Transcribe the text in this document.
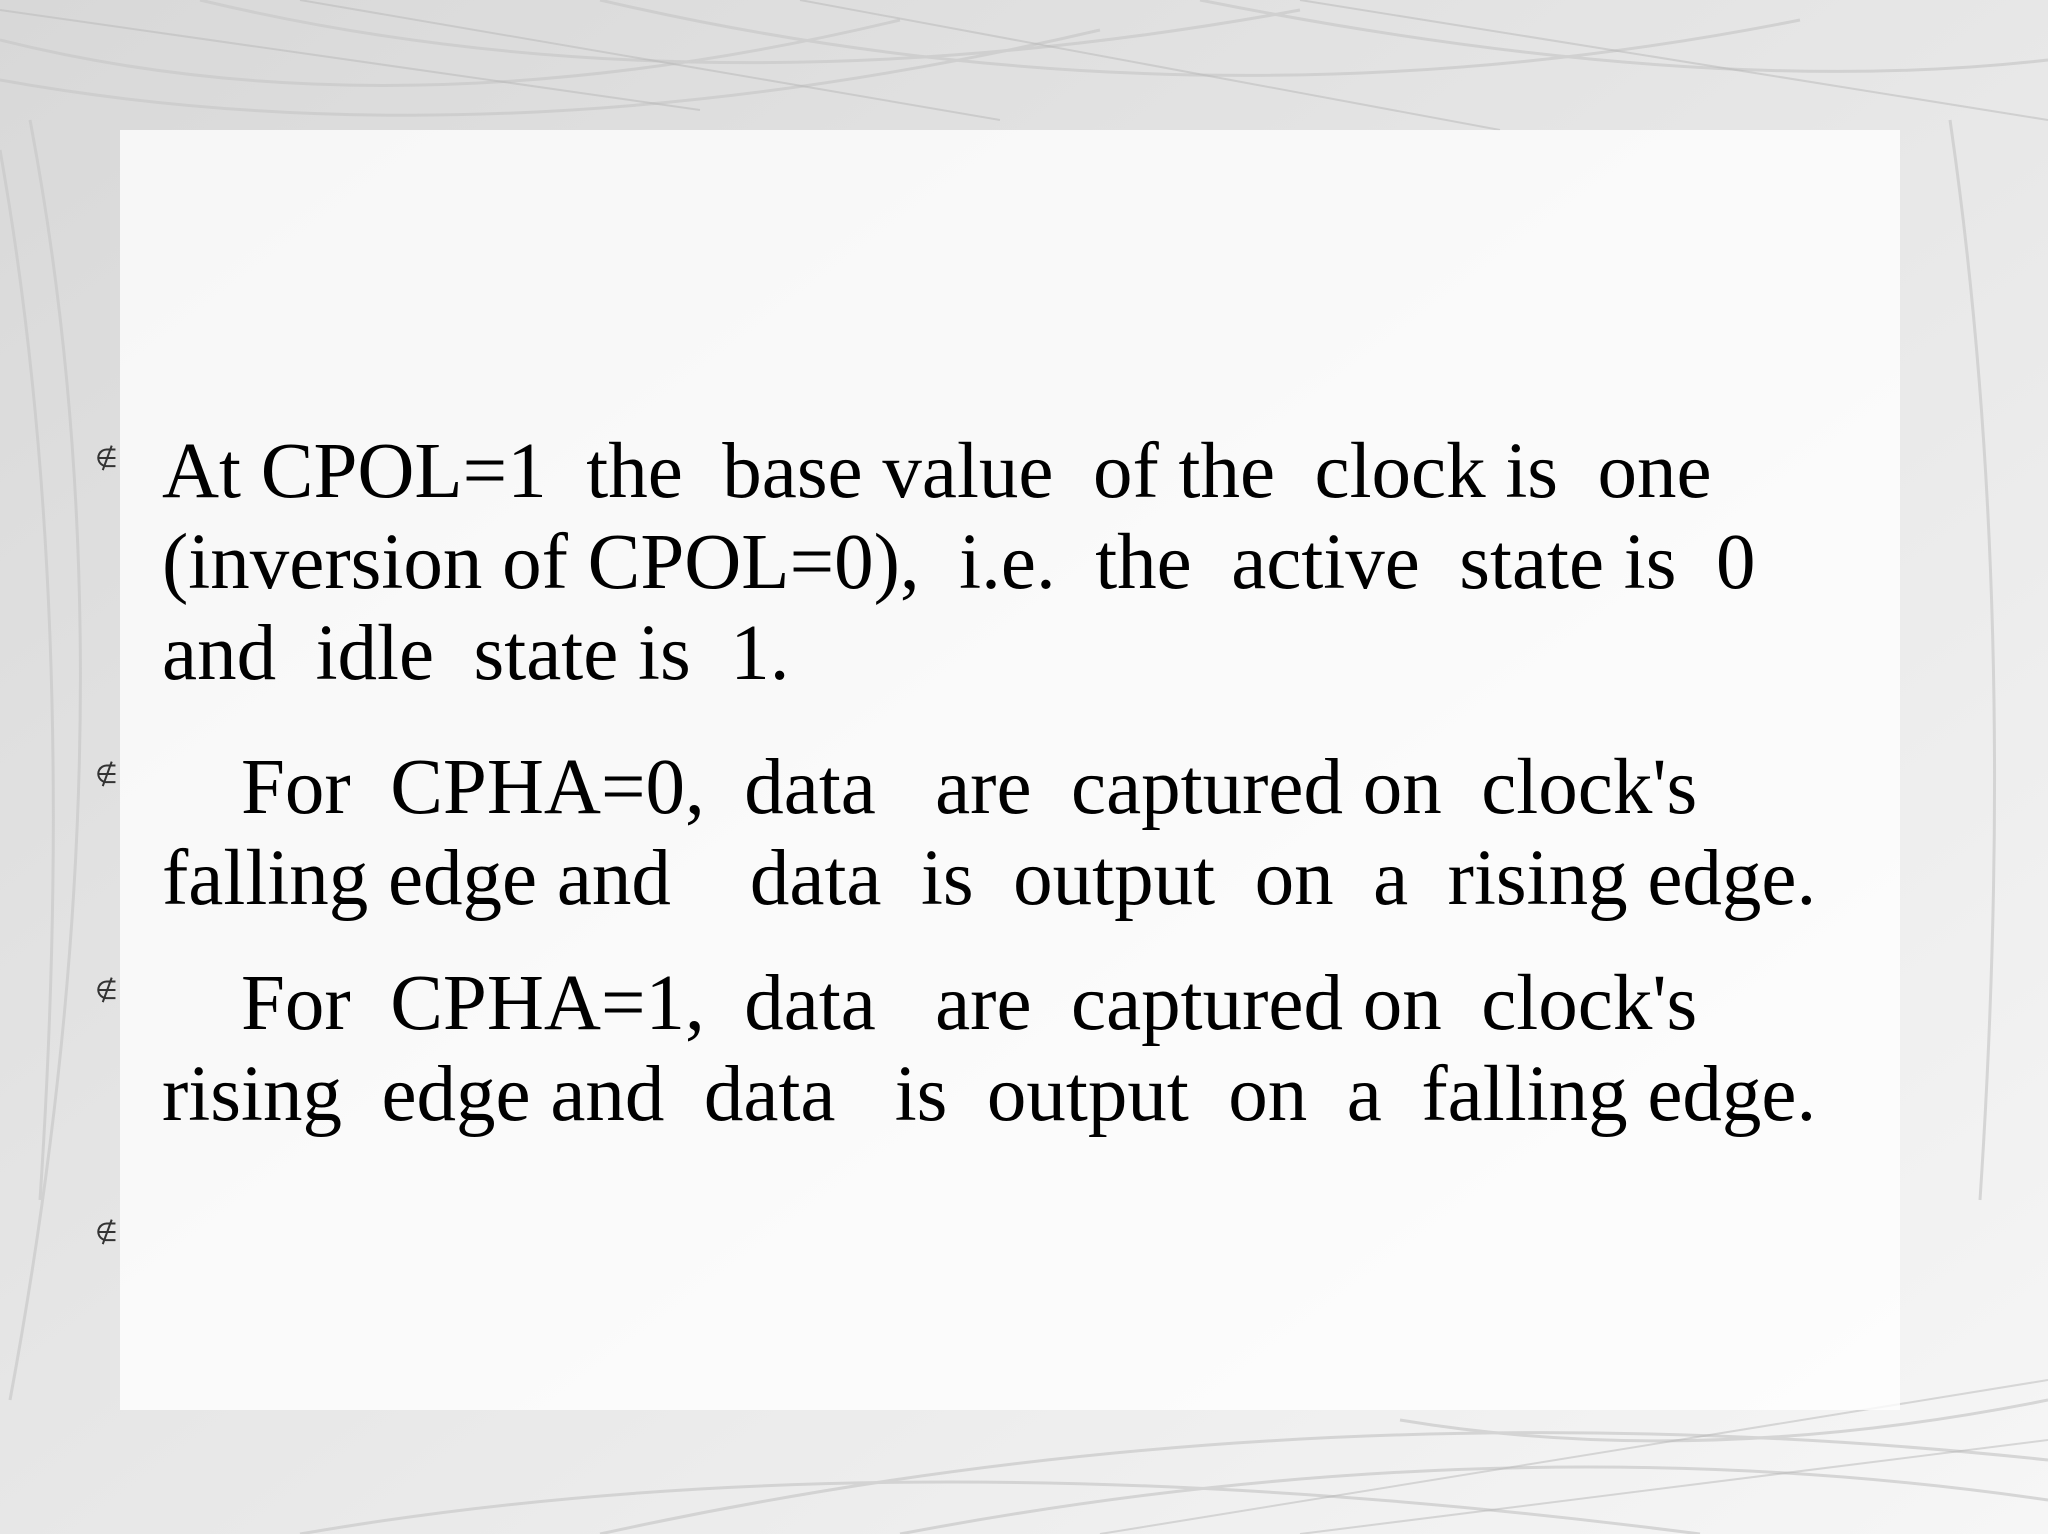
∉ At CPOL=1  the  base value  of the  clock is  one
(inversion of CPOL=0),  i.e.  the  active  state is  0
and  idle  state is  1.
∉ For  CPHA=0,  data   are  captured on  clock's
falling edge and    data  is  output  on  a  rising edge.
∉ For  CPHA=1,  data   are  captured on  clock's
rising  edge and  data   is  output  on  a  falling edge.
∉
